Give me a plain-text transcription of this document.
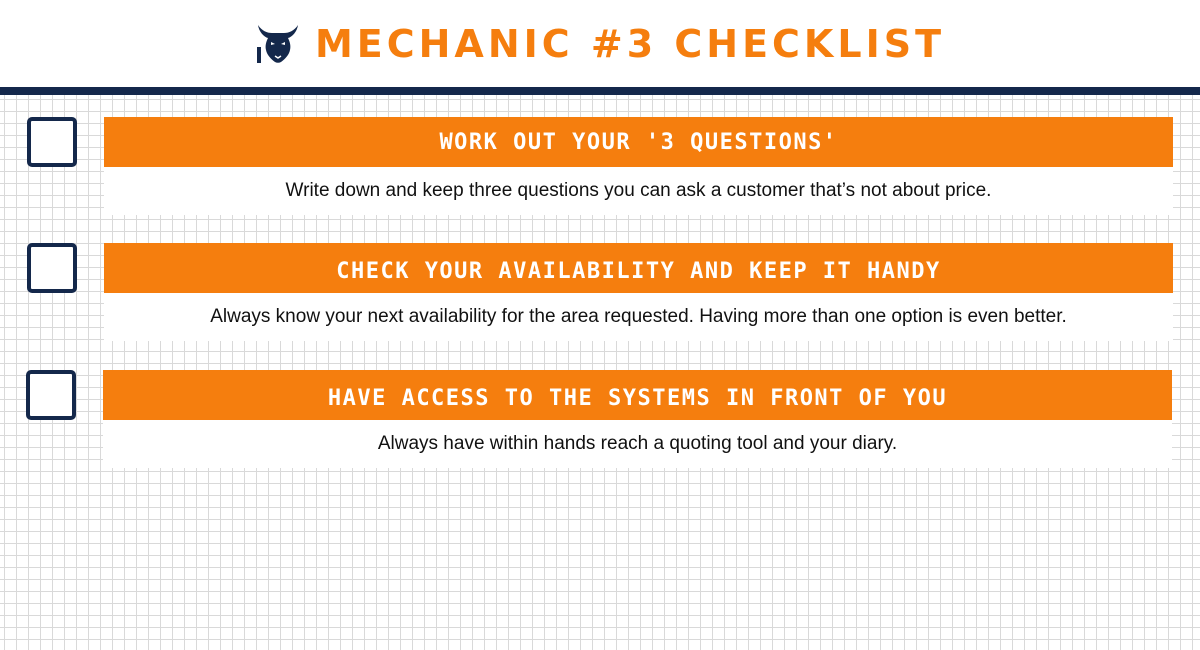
MECHANIC #3 CHECKLIST
WORK OUT YOUR '3 QUESTIONS'
Write down and keep three questions you can ask a customer that’s not about price.
CHECK YOUR AVAILABILITY AND KEEP IT HANDY
Always know your next availability for the area requested. Having more than one option is even better.
HAVE ACCESS TO THE SYSTEMS IN FRONT OF YOU
Always have within hands reach a quoting tool and your diary.
